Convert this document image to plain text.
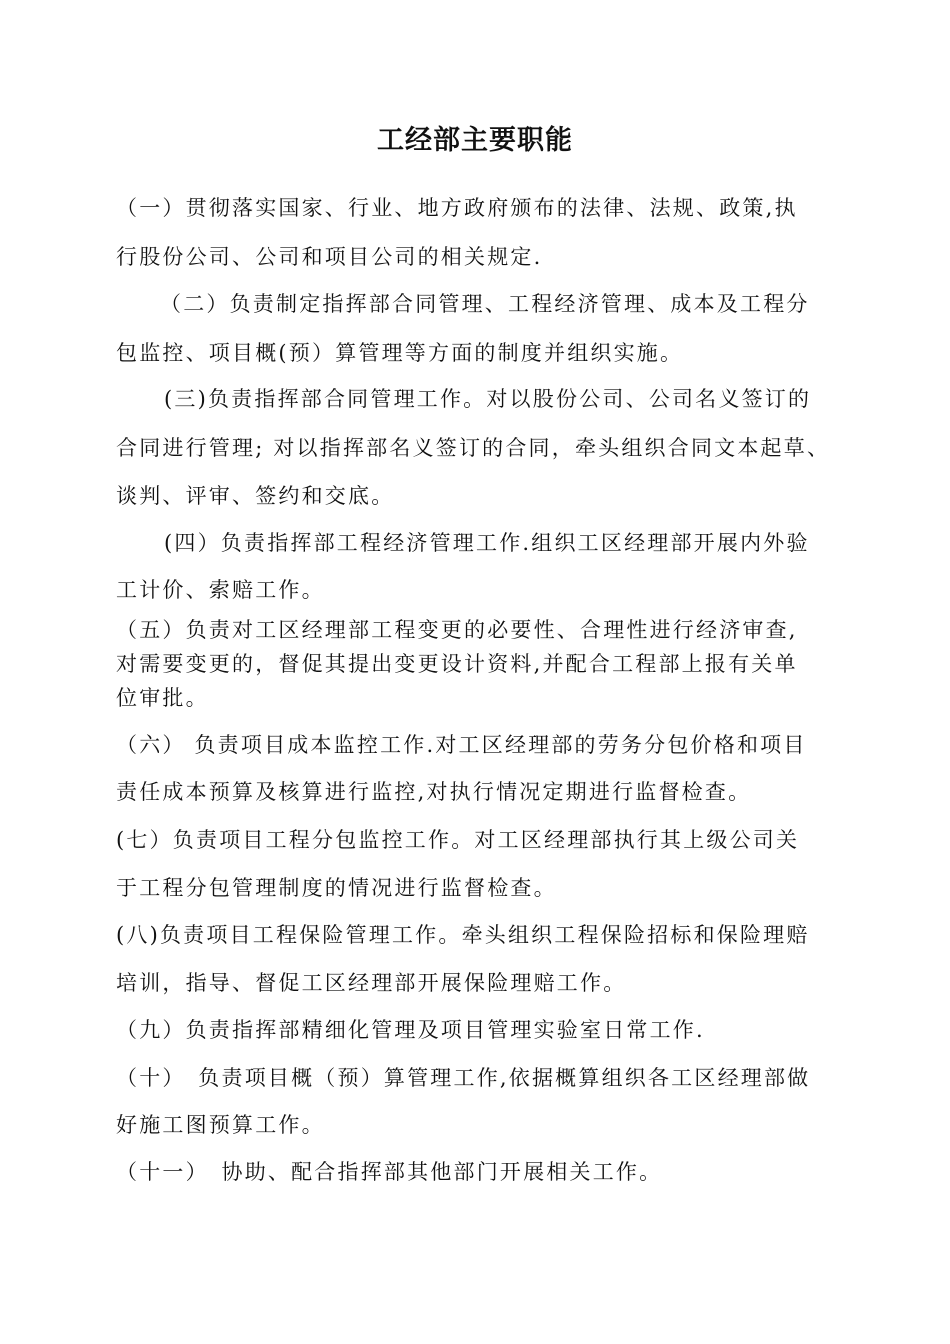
工经部主要职能
（一）贯彻落实国家、行业、地方政府颁布的法律、法规、政策,执
行股份公司、公司和项目公司的相关规定.
（二）负责制定指挥部合同管理、工程经济管理、成本及工程分
包监控、项目概(预）算管理等方面的制度并组织实施。
(三)负责指挥部合同管理工作。对以股份公司、公司名义签订的
合同进行管理; 对以指挥部名义签订的合同，牵头组织合同文本起草、
谈判、评审、签约和交底。
(四）负责指挥部工程经济管理工作.组织工区经理部开展内外验
工计价、索赔工作。
（五）负责对工区经理部工程变更的必要性、合理性进行经济审查,
对需要变更的，督促其提出变更设计资料,并配合工程部上报有关单
位审批。
（六） 负责项目成本监控工作.对工区经理部的劳务分包价格和项目
责任成本预算及核算进行监控,对执行情况定期进行监督检查。
(七）负责项目工程分包监控工作。对工区经理部执行其上级公司关
于工程分包管理制度的情况进行监督检查。
(八)负责项目工程保险管理工作。牵头组织工程保险招标和保险理赔
培训，指导、督促工区经理部开展保险理赔工作。
（九）负责指挥部精细化管理及项目管理实验室日常工作.
（十）　负责项目概（预）算管理工作,依据概算组织各工区经理部做
好施工图预算工作。
（十一）　协助、配合指挥部其他部门开展相关工作。
